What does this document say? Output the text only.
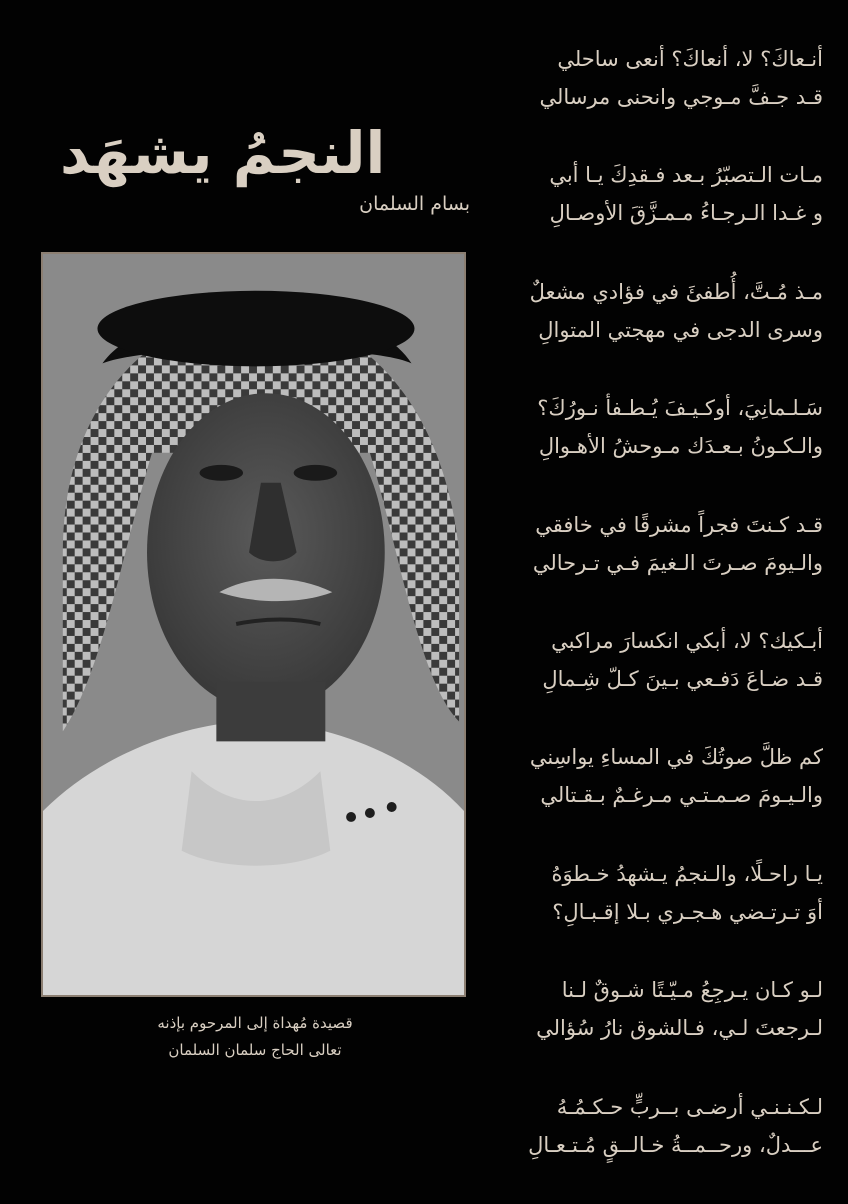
النجمُ يشهَد
بسام السلمان
قصيدة مُهداة إلى المرحوم بإذنه
تعالى الحاج سلمان السلمان
أنـعاكَ؟ لا، أنعاكَ؟ أنعى ساحلي
قـد جـفَّ مـوجي وانحنى مرسالي
مـات الـتصبّرُ بـعد فـقدِكَ يـا أبي
و غـدا الـرجـاءُ مـمـزَّقَ الأوصـالِ
مـذ مُـتَّ، أُطفئَ في فؤادي مشعلٌ
وسرى الدجى في مهجتي المتوالِ
سَـلـمانِيَ، أوكـيـفَ يُـطـفأ نـورُكَ؟
والـكـونُ بـعـدَك مـوحشُ الأهـوالِ
قـد كـنتَ فجراً مشرقًا في خافقي
والـيومَ صـرتَ الـغيمَ فـي تـرحالي
أبـكيك؟ لا، أبكي انكسارَ مراكبي
قـد ضـاعَ دَفـعي بـينَ كـلّ شِـمالِ
كم ظلَّ صوتُكَ في المساءِ يواسِني
والـيـومَ صـمـتـي مـرغـمٌ بـقـتالي
يـا راحـلًا، والـنجمُ يـشهدُ خـطوَهُ
أوَ تـرتـضي هـجـري بـلا إقـبـالِ؟
لـو كـان يـرجِعُ مـيّـتًا شـوقٌ لـنا
لـرجعتَ لـي، فـالشوق نارُ سُؤالي
لـكـنـنـي أرضـى بــربٍّ حـكـمُـهُ
عـــدلٌ، ورحــمــةُ خـالــقٍ مُـتـعـالِ
